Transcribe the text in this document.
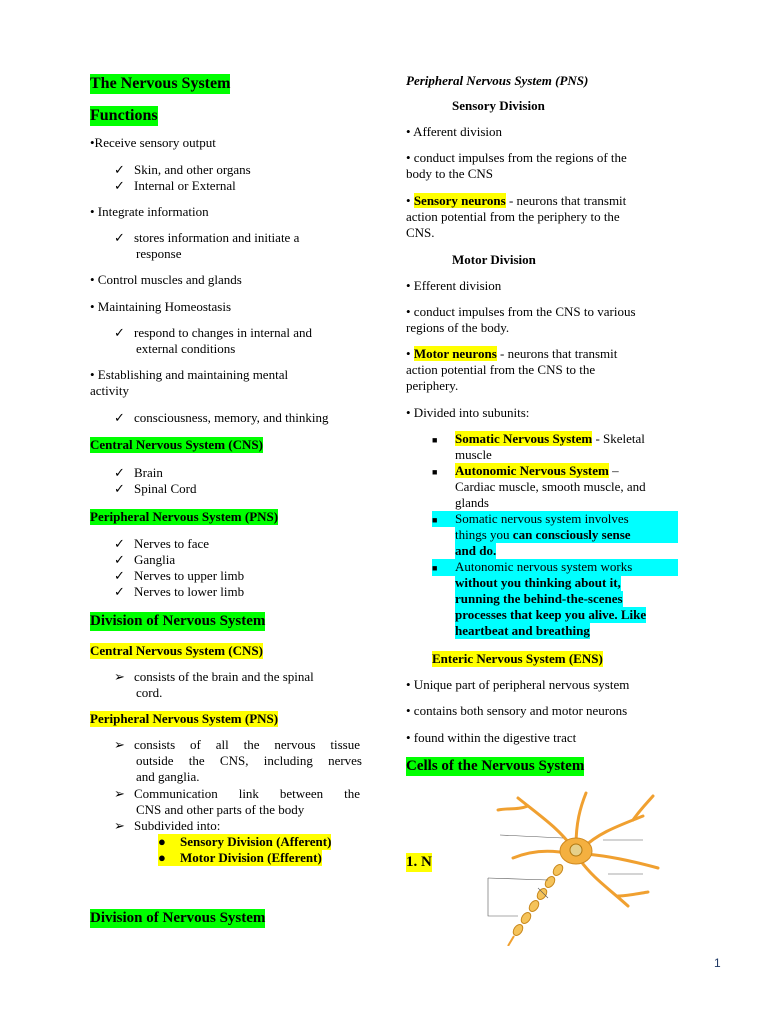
The Nervous System
Functions
•Receive sensory output
✓ Skin, and other organs
✓ Internal or External
• Integrate information
✓ stores information and initiate a
response
• Control muscles and glands
• Maintaining Homeostasis
✓ respond to changes in internal and
external conditions
• Establishing and maintaining mental
activity
✓ consciousness, memory, and thinking
Central Nervous System (CNS)
✓ Brain
✓ Spinal Cord
Peripheral Nervous System (PNS)
✓ Nerves to face
✓ Ganglia
✓ Nerves to upper limb
✓ Nerves to lower limb
Division of Nervous System
Central Nervous System (CNS)
➢ consists of the brain and the spinal
cord.
Peripheral Nervous System (PNS)
➢ consists of all the nervous tissue
outside the CNS, including nerves
and ganglia.
➢ Communication link between the
CNS and other parts of the body
➢ Subdivided into:
● Sensory Division (Afferent)
● Motor Division (Efferent)
Division of Nervous System
Peripheral Nervous System (PNS)
Sensory Division
• Afferent division
• conduct impulses from the regions of the
body to the CNS
• Sensory neurons - neurons that transmit
action potential from the periphery to the
CNS.
Motor Division
• Efferent division
• conduct impulses from the CNS to various
regions of the body.
• Motor neurons - neurons that transmit
action potential from the CNS to the
periphery.
• Divided into subunits:
■ Somatic Nervous System - Skeletal
muscle
■ Autonomic Nervous System –
Cardiac muscle, smooth muscle, and
glands
■ Somatic nervous system involves
things you can consciously sense
and do.
■ Autonomic nervous system works
without you thinking about it,
running the behind-the-scenes
processes that keep you alive. Like
heartbeat and breathing
Enteric Nervous System (ENS)
• Unique part of peripheral nervous system
• contains both sensory and motor neurons
• found within the digestive tract
Cells of the Nervous System
1. N
1
